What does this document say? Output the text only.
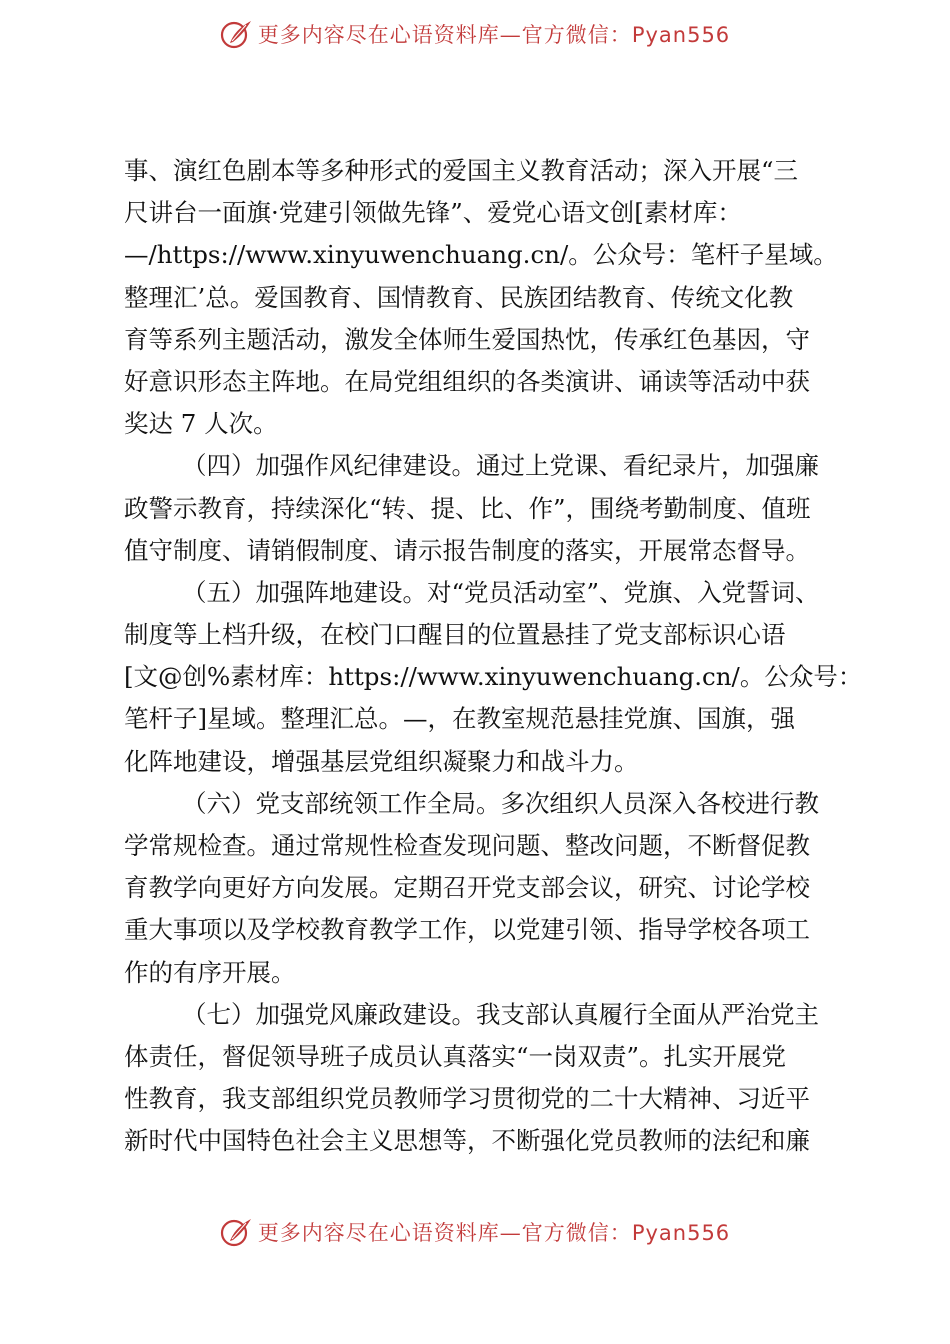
更多内容尽在心语资料库—官方微信：Pyan556
事、演红色剧本等多种形式的爱国主义教育活动；深入开展“三
尺讲台一面旗·党建引领做先锋”、爱党心语文创[素材库：
—/https://www.xinyuwenchuang.cn/。公众号：笔杆子星域。
整理汇’总。爱国教育、国情教育、民族团结教育、传统文化教
育等系列主题活动，激发全体师生爱国热忱，传承红色基因，守
好意识形态主阵地。在局党组组织的各类演讲、诵读等活动中获
奖达 7 人次。
（四）加强作风纪律建设。通过上党课、看纪录片，加强廉
政警示教育，持续深化“转、提、比、作”，围绕考勤制度、值班
值守制度、请销假制度、请示报告制度的落实，开展常态督导。
（五）加强阵地建设。对“党员活动室”、党旗、入党誓词、
制度等上档升级，在校门口醒目的位置悬挂了党支部标识心语
[文@创%素材库：https://www.xinyuwenchuang.cn/。公众号：
笔杆子]星域。整理汇总。—，在教室规范悬挂党旗、国旗，强
化阵地建设，增强基层党组织凝聚力和战斗力。
（六）党支部统领工作全局。多次组织人员深入各校进行教
学常规检查。通过常规性检查发现问题、整改问题，不断督促教
育教学向更好方向发展。定期召开党支部会议，研究、讨论学校
重大事项以及学校教育教学工作，以党建引领、指导学校各项工
作的有序开展。
（七）加强党风廉政建设。我支部认真履行全面从严治党主
体责任，督促领导班子成员认真落实“一岗双责”。扎实开展党
性教育，我支部组织党员教师学习贯彻党的二十大精神、习近平
新时代中国特色社会主义思想等，不断强化党员教师的法纪和廉
更多内容尽在心语资料库—官方微信：Pyan556
